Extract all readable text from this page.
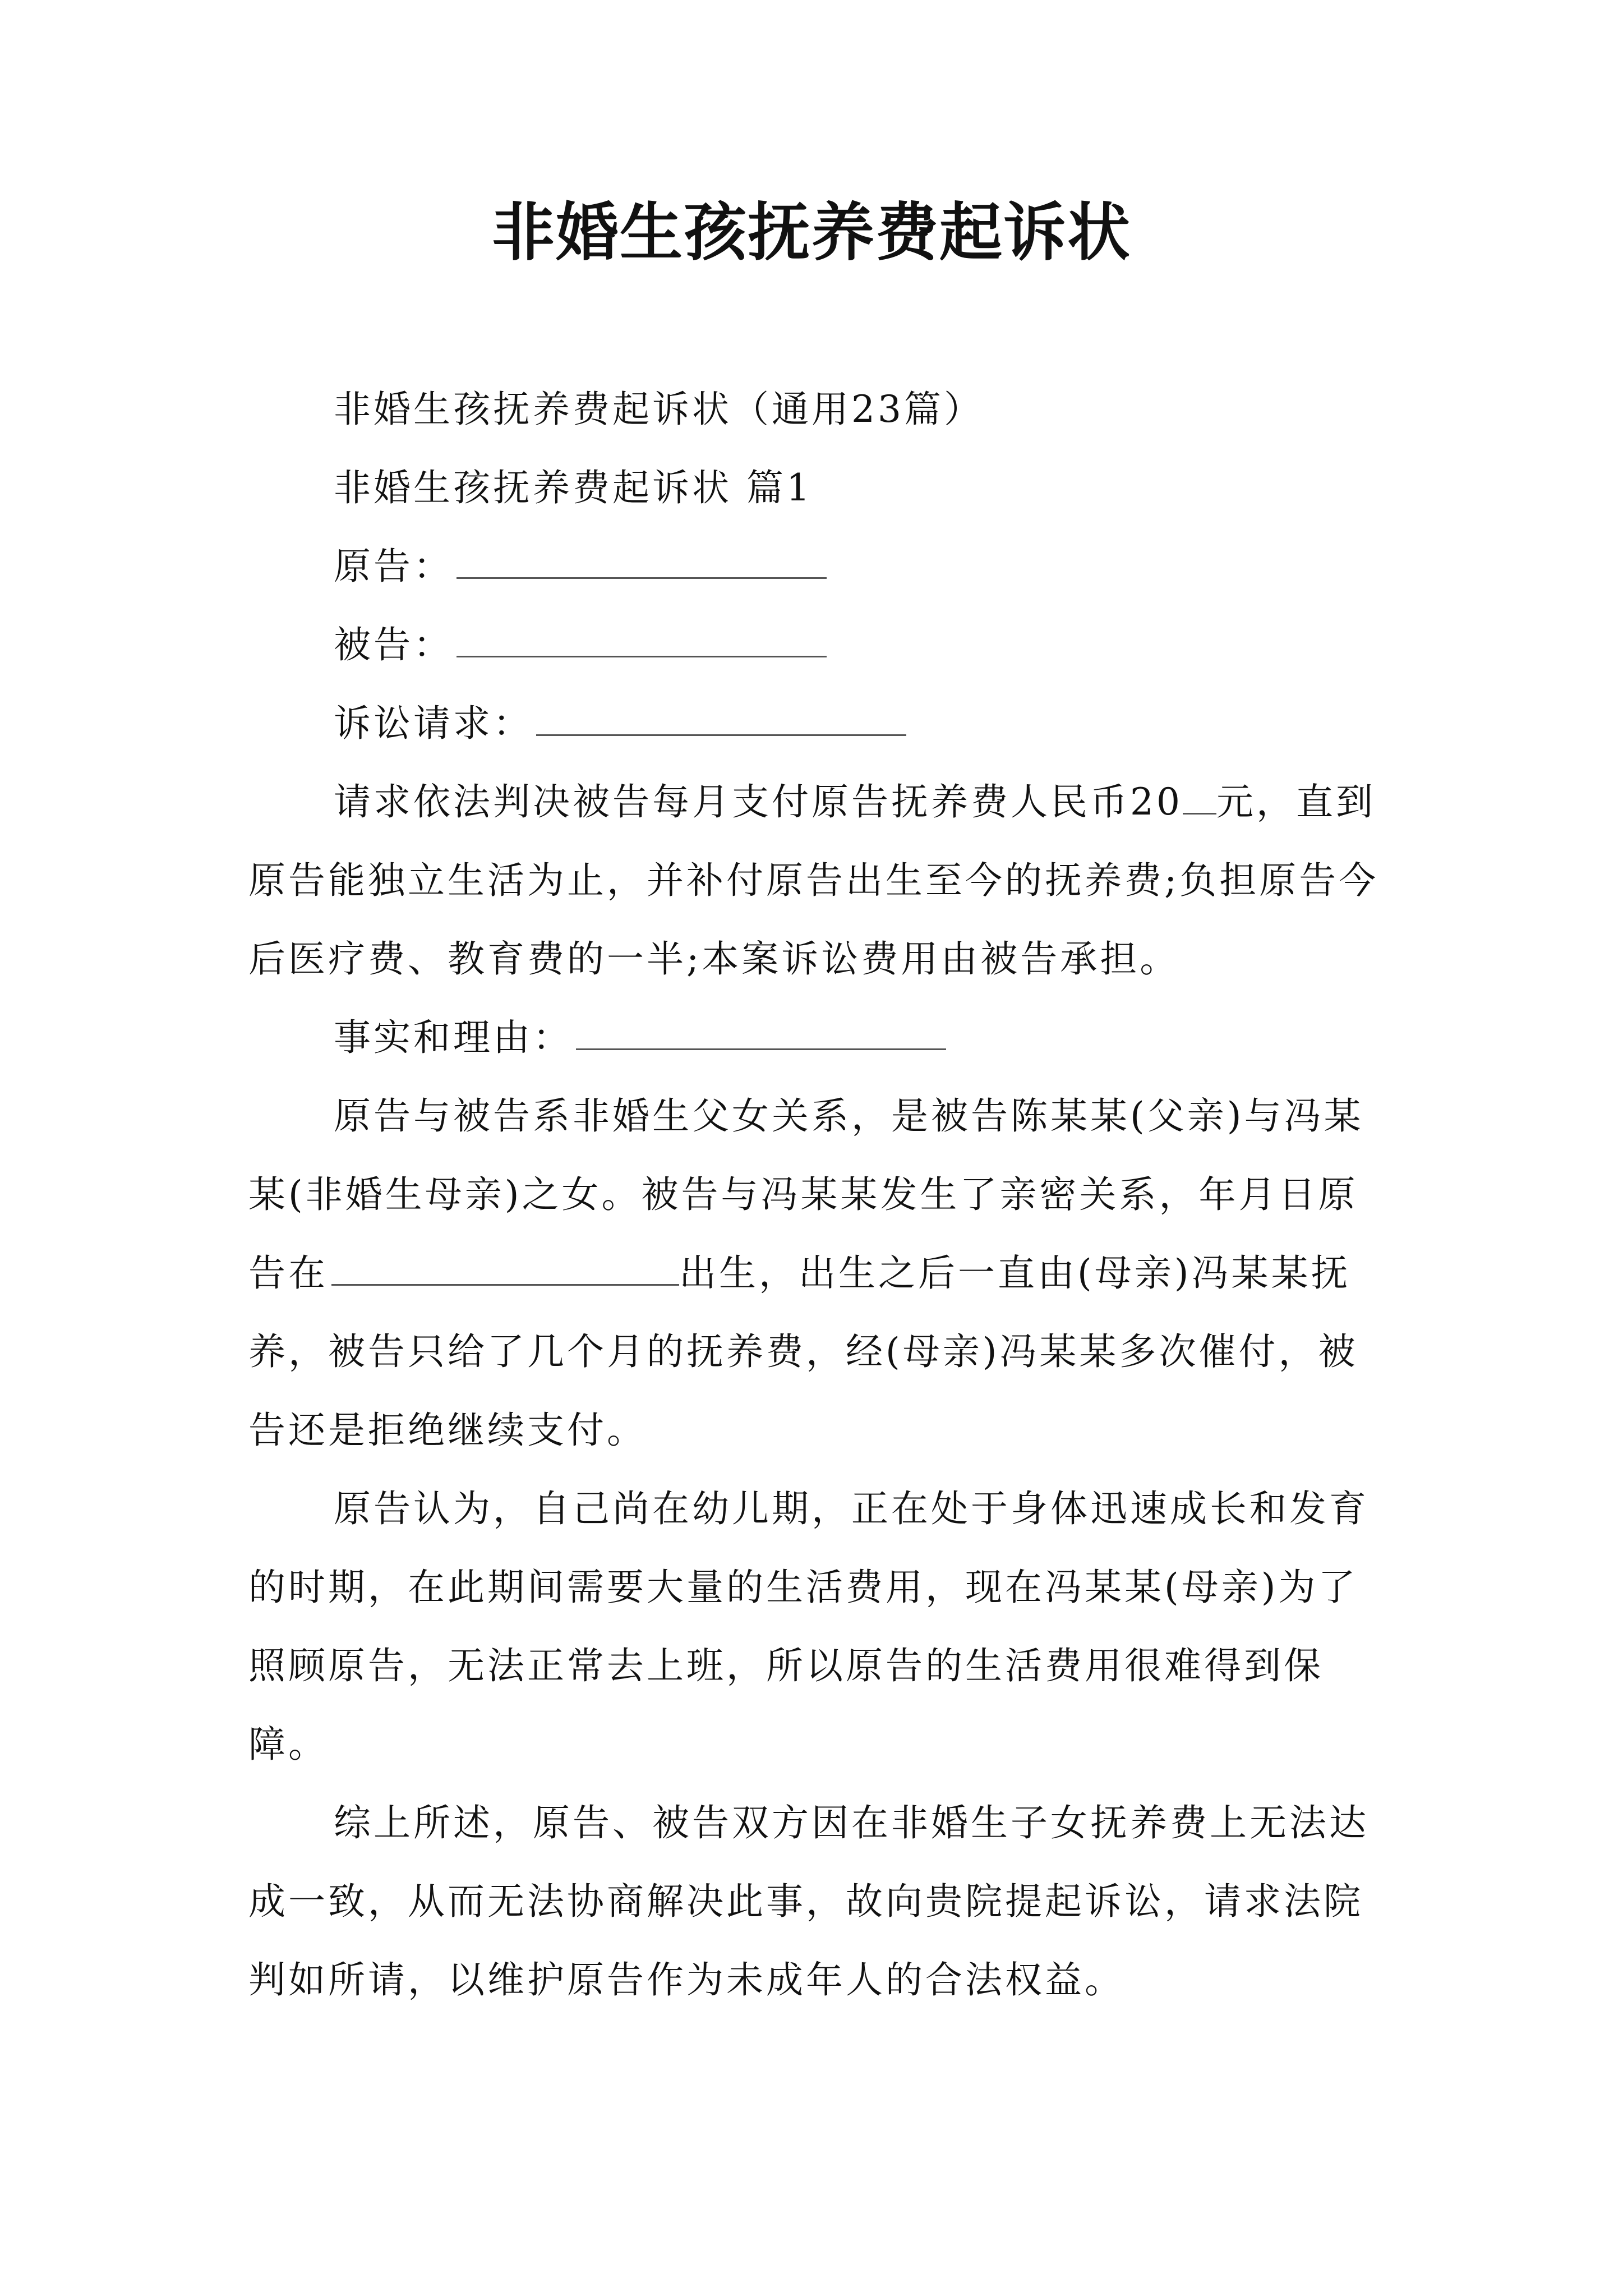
非婚生孩抚养费起诉状
非婚生孩抚养费起诉状（通用23篇）
非婚生孩抚养费起诉状 篇1
原告：
被告：
诉讼请求：

请求依法判决被告每月支付原告抚养费人民币20 元，直到原告能独立生活为止，并补付原告出生至今的抚养费;负担原告今后医疗费、教育费的一半;本案诉讼费用由被告承担。

事实和理由：

原告与被告系非婚生父女关系，是被告陈某某(父亲)与冯某某(非婚生母亲)之女。被告与冯某某发生了亲密关系，年月日原告在	出生，出生之后一直由(母亲)冯某某抚养，被告只给了几个月的抚养费，经(母亲)冯某某多次催付，被告还是拒绝继续支付。

原告认为，自己尚在幼儿期，正在处于身体迅速成长和发育的时期，在此期间需要大量的生活费用，现在冯某某(母亲)为了照顾原告，无法正常去上班，所以原告的生活费用很难得到保障。

综上所述，原告、被告双方因在非婚生子女抚养费上无法达成一致，从而无法协商解决此事，故向贵院提起诉讼，请求法院判如所请，以维护原告作为未成年人的合法权益。
